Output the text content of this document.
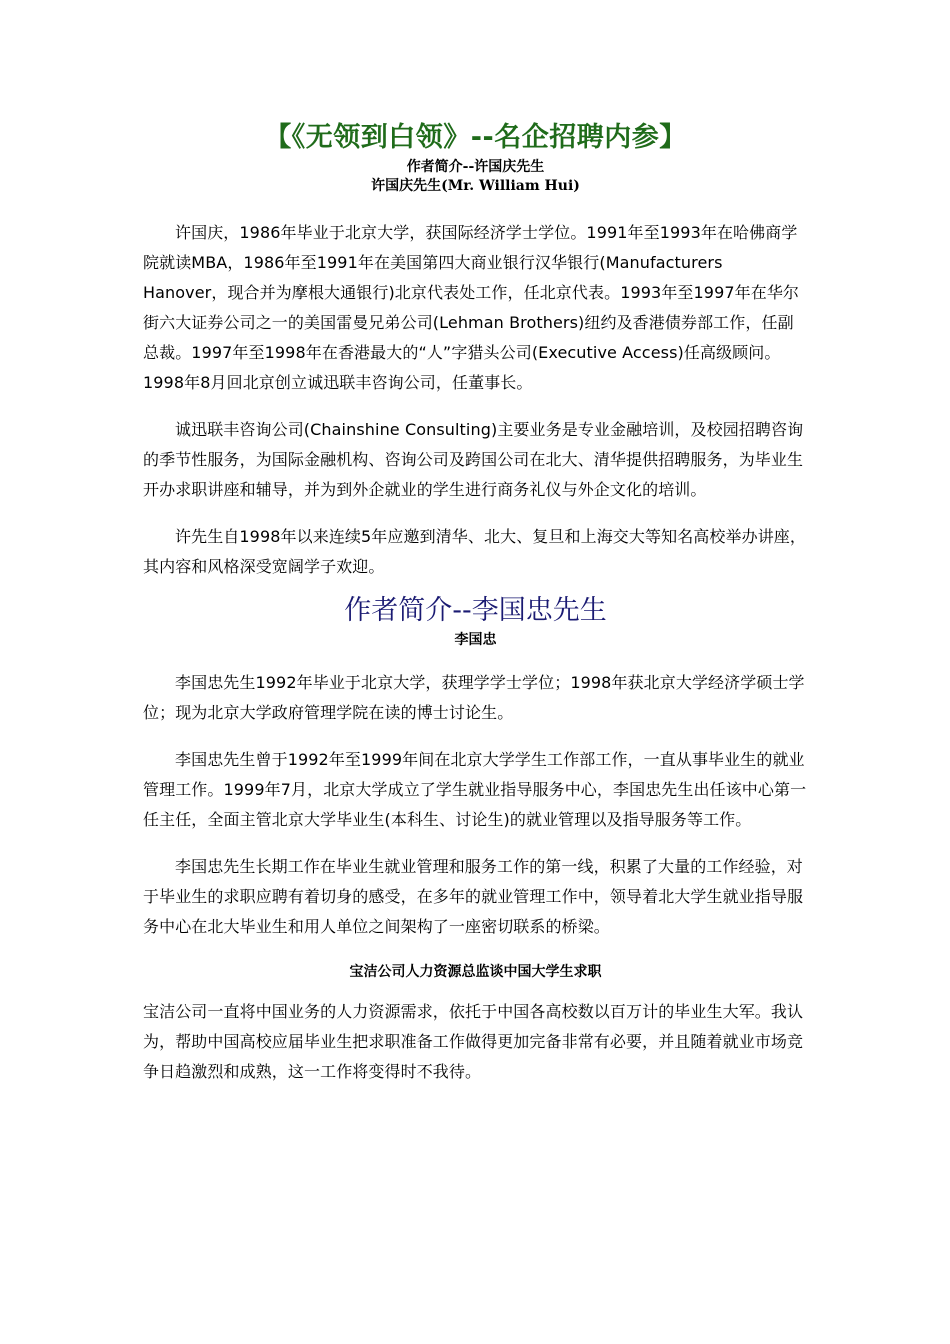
【《无领到白领》--名企招聘内参】

作者简介--许国庆先生

许国庆先生(Mr. William Hui)

许国庆，1986年毕业于北京大学，获国际经济学士学位。1991年至1993年在哈佛商学院就读MBA，1986年至1991年在美国第四大商业银行汉华银行(Manufacturers Hanover，现合并为摩根大通银行)北京代表处工作，任北京代表。1993年至1997年在华尔街六大证券公司之一的美国雷曼兄弟公司(Lehman Brothers)纽约及香港债券部工作，任副总裁。1997年至1998年在香港最大的“人”字猎头公司(Executive Access)任高级顾问。1998年8月回北京创立诚迅联丰咨询公司，任董事长。

诚迅联丰咨询公司(Chainshine Consulting)主要业务是专业金融培训，及校园招聘咨询的季节性服务，为国际金融机构、咨询公司及跨国公司在北大、清华提供招聘服务，为毕业生开办求职讲座和辅导，并为到外企就业的学生进行商务礼仪与外企文化的培训。

许先生自1998年以来连续5年应邀到清华、北大、复旦和上海交大等知名高校举办讲座，其内容和风格深受宽阔学子欢迎。

作者简介--李国忠先生

李国忠

李国忠先生1992年毕业于北京大学，获理学学士学位；1998年获北京大学经济学硕士学位；现为北京大学政府管理学院在读的博士讨论生。

李国忠先生曾于1992年至1999年间在北京大学学生工作部工作，一直从事毕业生的就业管理工作。1999年7月，北京大学成立了学生就业指导服务中心，李国忠先生出任该中心第一任主任，全面主管北京大学毕业生(本科生、讨论生)的就业管理以及指导服务等工作。

李国忠先生长期工作在毕业生就业管理和服务工作的第一线，积累了大量的工作经验，对于毕业生的求职应聘有着切身的感受，在多年的就业管理工作中，领导着北大学生就业指导服务中心在北大毕业生和用人单位之间架构了一座密切联系的桥梁。

宝洁公司人力资源总监谈中国大学生求职

宝洁公司一直将中国业务的人力资源需求，依托于中国各高校数以百万计的毕业生大军。我认为，帮助中国高校应届毕业生把求职准备工作做得更加完备非常有必要，并且随着就业市场竞争日趋激烈和成熟，这一工作将变得时不我待。
